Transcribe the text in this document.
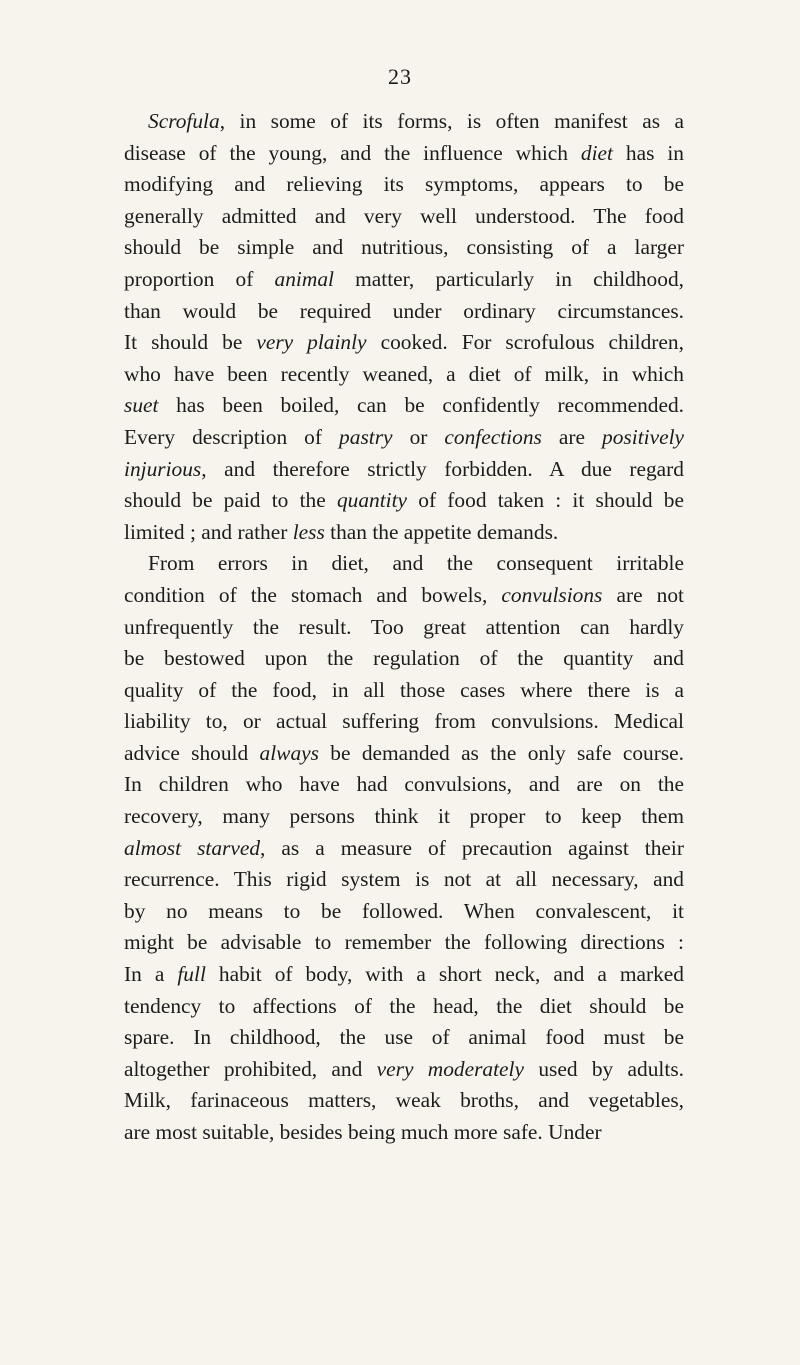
23
Scrofula, in some of its forms, is often manifest as a
disease of the young, and the influence which diet has in
modifying and relieving its symptoms, appears to be
generally admitted and very well understood. The food
should be simple and nutritious, consisting of a larger
proportion of animal matter, particularly in childhood,
than would be required under ordinary circumstances.
It should be very plainly cooked. For scrofulous children,
who have been recently weaned, a diet of milk, in which
suet has been boiled, can be confidently recommended.
Every description of pastry or confections are positively
injurious, and therefore strictly forbidden. A due regard
should be paid to the quantity of food taken : it should be
limited ; and rather less than the appetite demands.
From errors in diet, and the consequent irritable
condition of the stomach and bowels, convulsions are not
unfrequently the result. Too great attention can hardly
be bestowed upon the regulation of the quantity and
quality of the food, in all those cases where there is a
liability to, or actual suffering from convulsions. Medical
advice should always be demanded as the only safe course.
In children who have had convulsions, and are on the
recovery, many persons think it proper to keep them
almost starved, as a measure of precaution against their
recurrence. This rigid system is not at all necessary, and
by no means to be followed. When convalescent, it
might be advisable to remember the following directions :
In a full habit of body, with a short neck, and a marked
tendency to affections of the head, the diet should be
spare. In childhood, the use of animal food must be
altogether prohibited, and very moderately used by adults.
Milk, farinaceous matters, weak broths, and vegetables,
are most suitable, besides being much more safe. Under
